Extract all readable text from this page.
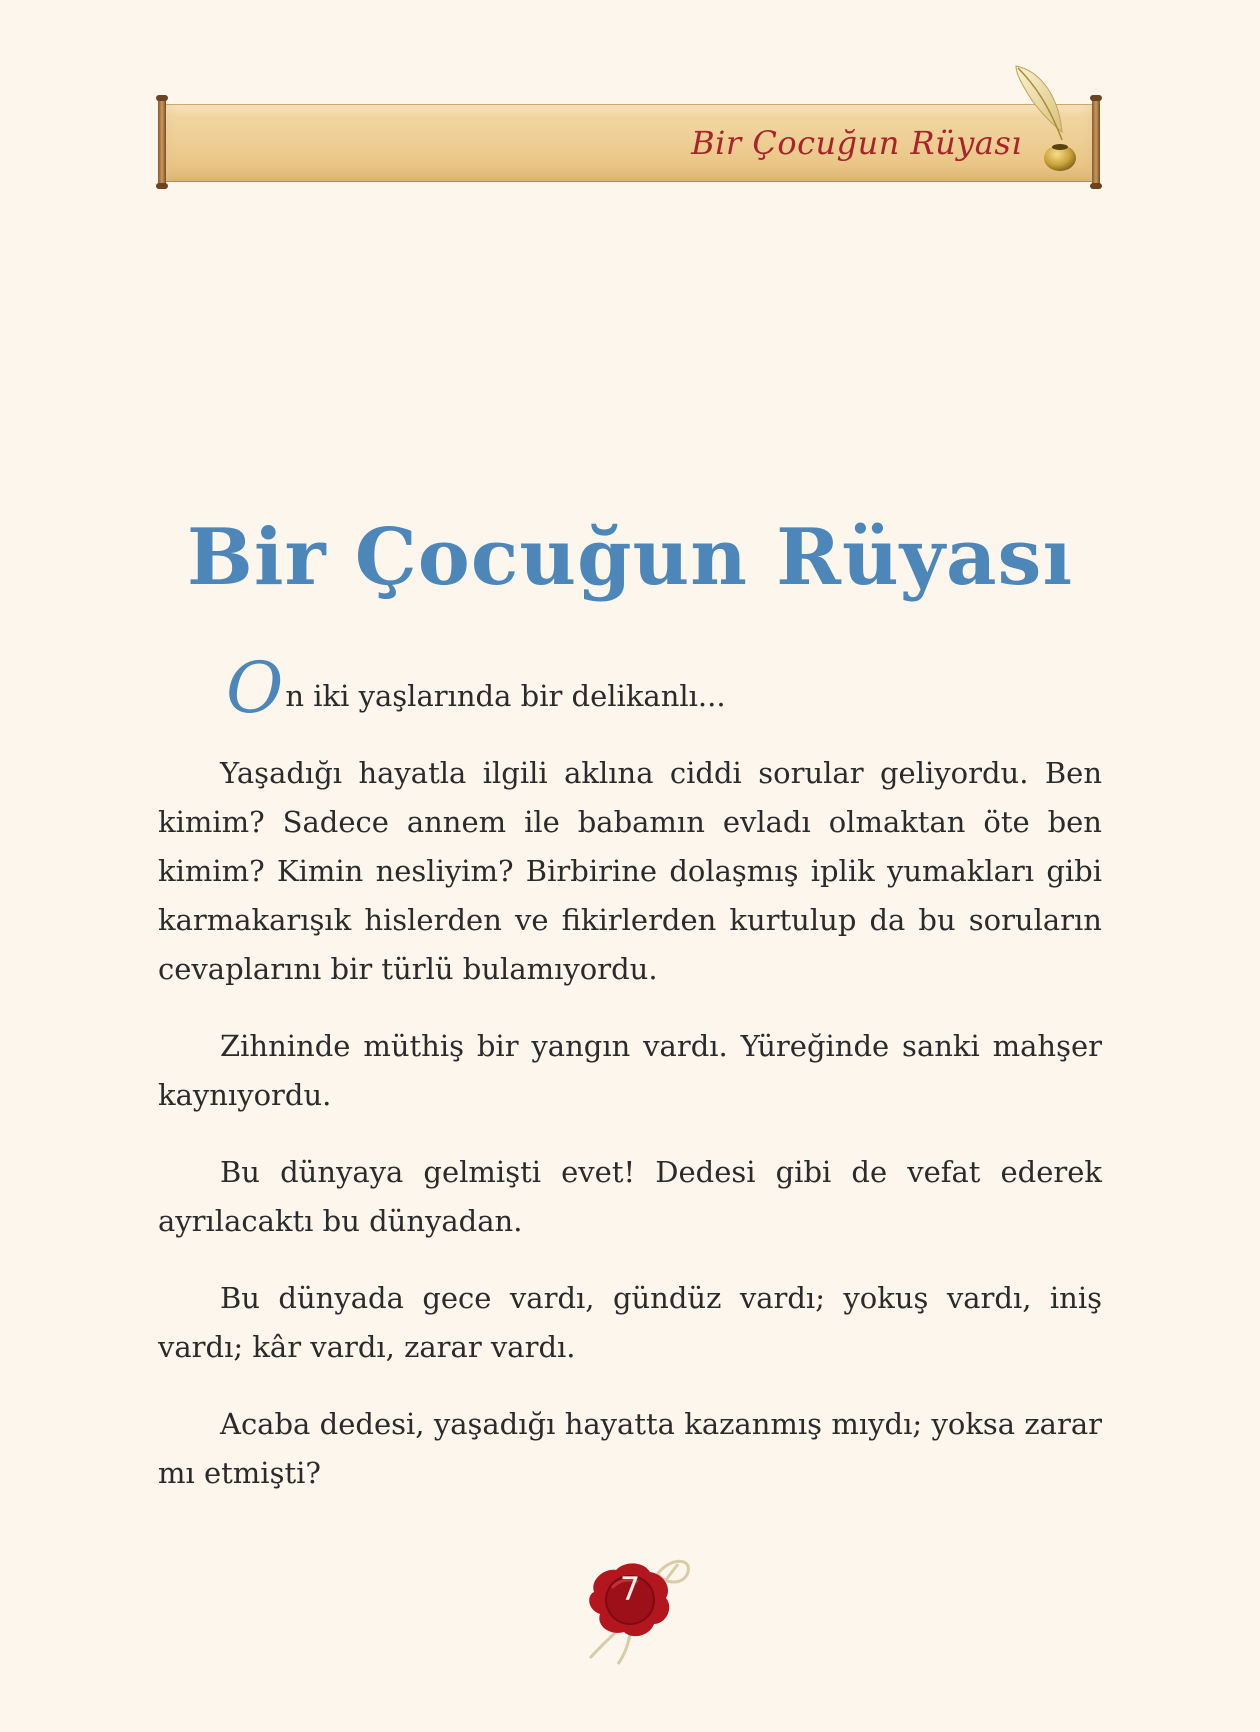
Bir Çocuğun Rüyası
Bir Çocuğun Rüyası
On iki yaşlarında bir delikanlı...

Yaşadığı hayatla ilgili aklına ciddi sorular geliyordu. Ben kimim? Sadece annem ile babamın evladı olmaktan öte ben kimim? Kimin nesliyim? Birbirine dolaşmış iplik yumakları gibi karmakarışık hislerden ve fikirlerden kurtulup da bu soruların cevaplarını bir türlü bulamıyordu.

Zihninde müthiş bir yangın vardı. Yüreğinde sanki mahşer kaynıyordu.

Bu dünyaya gelmişti evet! Dedesi gibi de vefat ederek ayrılacaktı bu dünyadan.

Bu dünyada gece vardı, gündüz vardı; yokuş vardı, iniş vardı; kâr vardı, zarar vardı.

Acaba dedesi, yaşadığı hayatta kazanmış mıydı; yoksa zarar mı etmişti?

7
